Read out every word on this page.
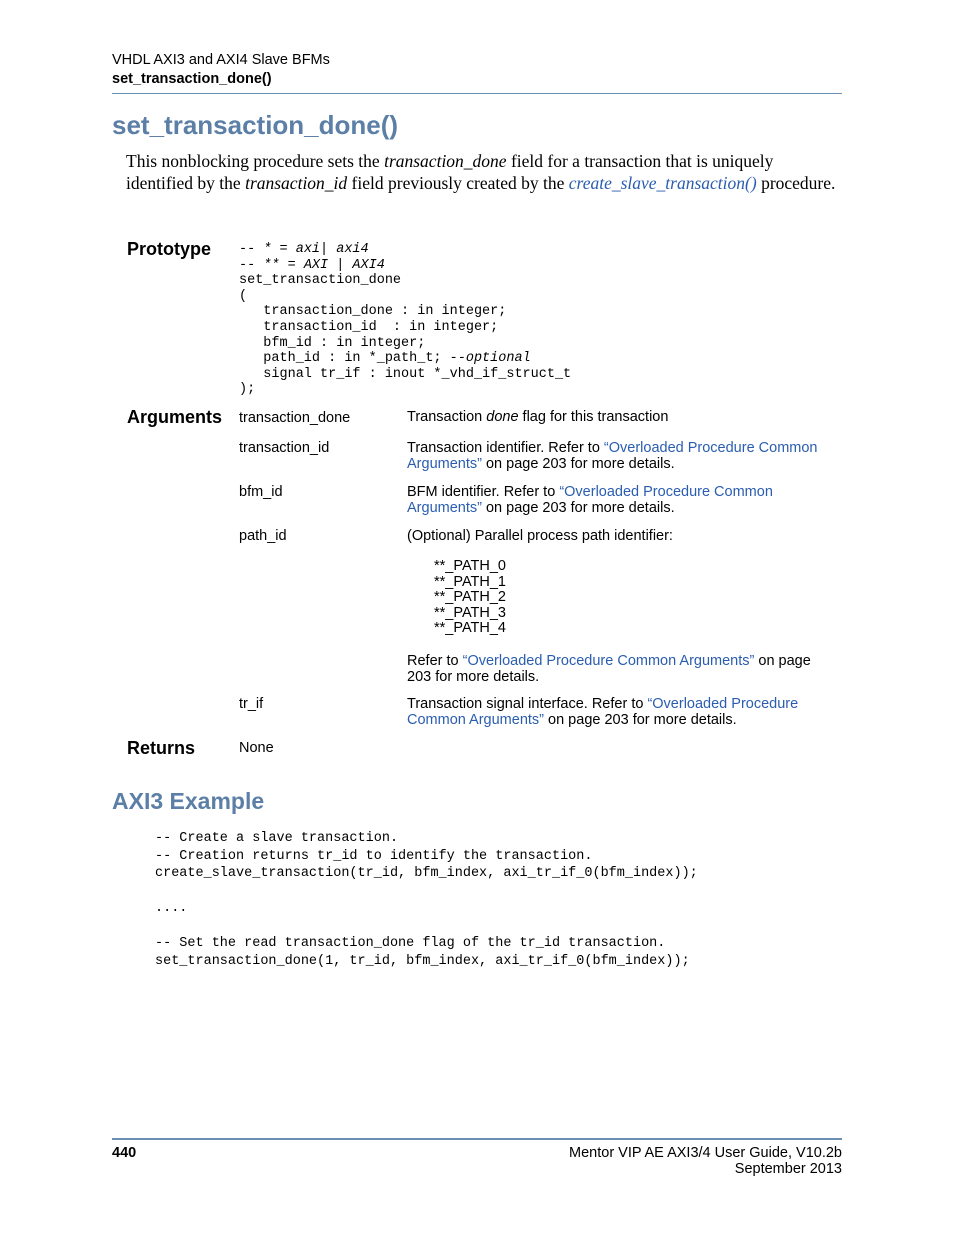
VHDL AXI3 and AXI4 Slave BFMs
set_transaction_done()
set_transaction_done()
This nonblocking procedure sets the transaction_done field for a transaction that is uniquely identified by the transaction_id field previously created by the create_slave_transaction() procedure.
Prototype -- * = axi| axi4
-- ** = AXI | AXI4
set_transaction_done
(
transaction_done : in integer;
transaction_id  : in integer;
bfm_id : in integer;
path_id : in *_path_t; --optional
signal tr_if : inout *_vhd_if_struct_t
);
Arguments transaction_done	Transaction done flag for this transaction
transaction_id	Transaction identifier. Refer to “Overloaded Procedure Common Arguments” on page 203 for more details.
bfm_id	BFM identifier. Refer to “Overloaded Procedure Common Arguments” on page 203 for more details.
path_id	(Optional) Parallel process path identifier:
**_PATH_0
**_PATH_1
**_PATH_2
**_PATH_3
**_PATH_4
Refer to “Overloaded Procedure Common Arguments” on page 203 for more details.
tr_if	Transaction signal interface. Refer to “Overloaded Procedure Common Arguments” on page 203 for more details.
Returns	None
AXI3 Example
-- Create a slave transaction.
-- Creation returns tr_id to identify the transaction.
create_slave_transaction(tr_id, bfm_index, axi_tr_if_0(bfm_index));

....

-- Set the read transaction_done flag of the tr_id transaction.
set_transaction_done(1, tr_id, bfm_index, axi_tr_if_0(bfm_index));
440	Mentor VIP AE AXI3/4 User Guide, V10.2b
September 2013
